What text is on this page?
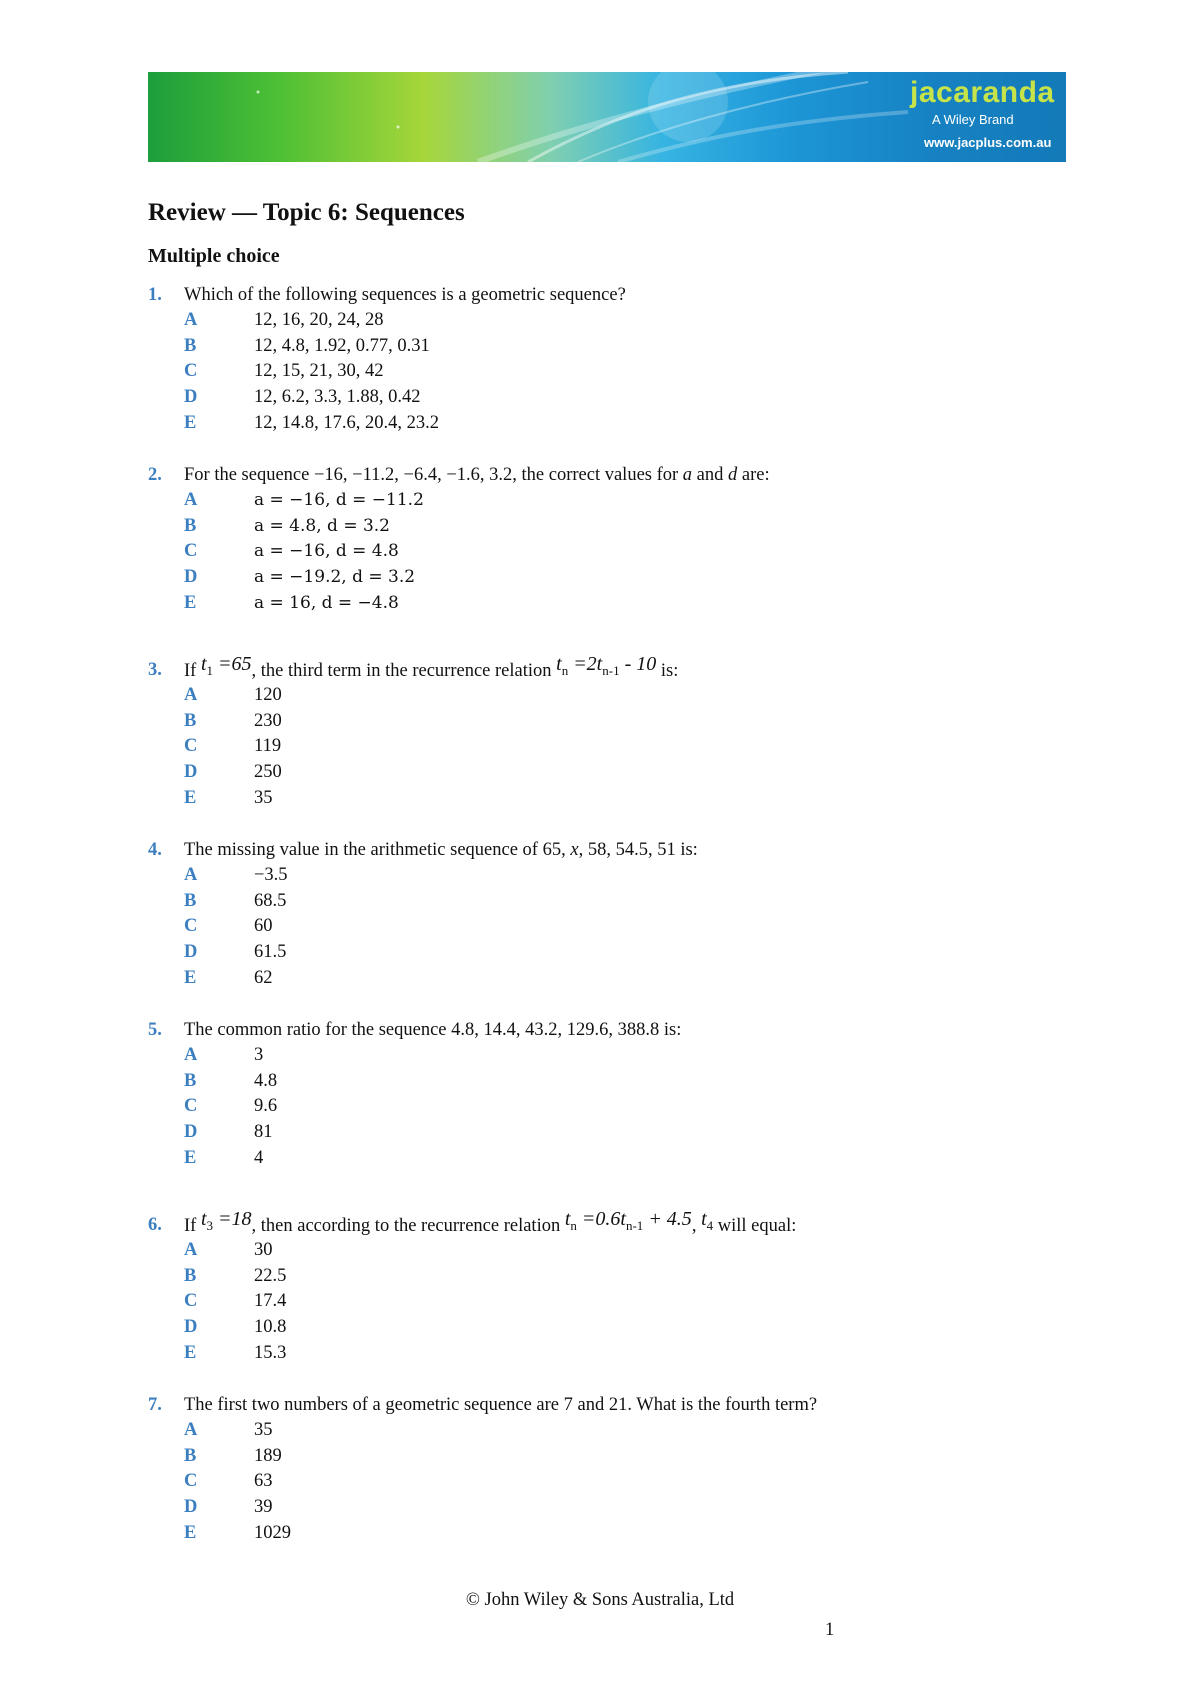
jacaranda
A Wiley Brand
www.jacplus.com.au
Review — Topic 6: Sequences
Multiple choice
1. Which of the following sequences is a geometric sequence?
A	12, 16, 20, 24, 28
B	12, 4.8, 1.92, 0.77, 0.31
C	12, 15, 21, 30, 42
D	12, 6.2, 3.3, 1.88, 0.42
E	12, 14.8, 17.6, 20.4, 23.2
2. For the sequence −16, −11.2, −6.4, −1.6, 3.2, the correct values for a and d are:
A	a = −16, d = −11.2
B	a = 4.8, d = 3.2
C	a = −16, d = 4.8
D	a = −19.2, d = 3.2
E	a = 16, d = −4.8
3. If $t_1 =65$, the third term in the recurrence relation $t_n =2t_{n-1} - 10$ is:
A	120
B	230
C	119
D	250
E	35
4. The missing value in the arithmetic sequence of 65, x, 58, 54.5, 51 is:
A	−3.5
B	68.5
C	60
D	61.5
E	62
5. The common ratio for the sequence 4.8, 14.4, 43.2, 129.6, 388.8 is:
A	3
B	4.8
C	9.6
D	81
E	4
6. If $t_3 =18$, then according to the recurrence relation $t_n =0.6t_{n-1} + 4.5$, $t_4$ will equal:
A	30
B	22.5
C	17.4
D	10.8
E	15.3
7. The first two numbers of a geometric sequence are 7 and 21. What is the fourth term?
A	35
B	189
C	63
D	39
E	1029
© John Wiley & Sons Australia, Ltd
1
